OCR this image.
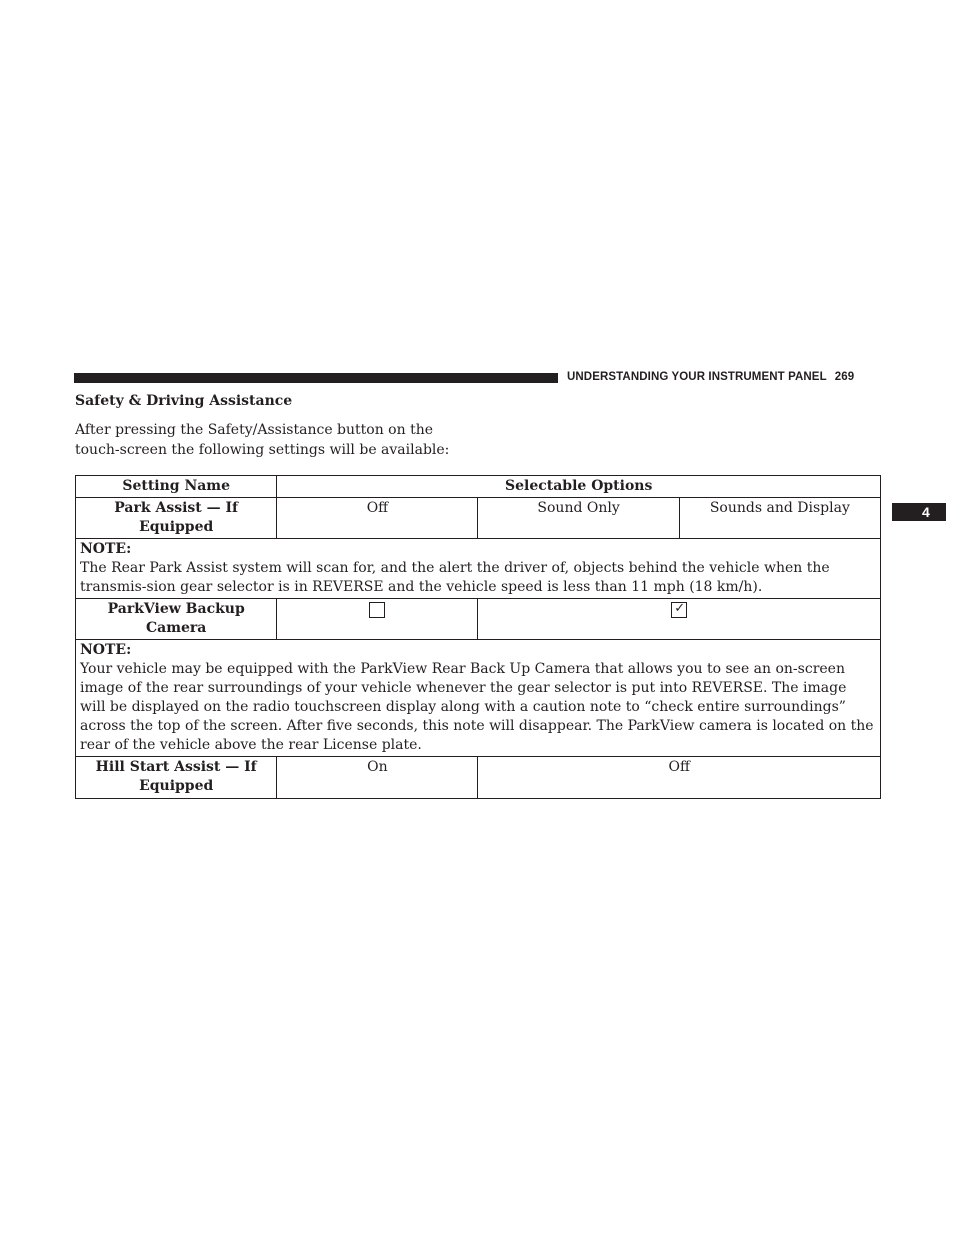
UNDERSTANDING YOUR INSTRUMENT PANEL 269
4
Safety & Driving Assistance

After pressing the Safety/Assistance button on the touch-screen the following settings will be available:

Setting Name	Selectable Options		
Park Assist — If Equipped	Off	Sound Only	Sounds and Display

NOTE:
The Rear Park Assist system will scan for, and the alert the driver of, objects behind the vehicle when the transmis-sion gear selector is in REVERSE and the vehicle speed is less than 11 mph (18 km/h).			
ParkView Backup Camera		✓	

NOTE:
Your vehicle may be equipped with the ParkView Rear Back Up Camera that allows you to see an on-screen image of the rear surroundings of your vehicle whenever the gear selector is put into REVERSE. The image will be displayed on the radio touchscreen display along with a caution note to “check entire surroundings” across the top of the screen. After five seconds, this note will disappear. The ParkView camera is located on the rear of the vehicle above the rear License plate.			
Hill Start Assist — If Equipped	On	Off	
